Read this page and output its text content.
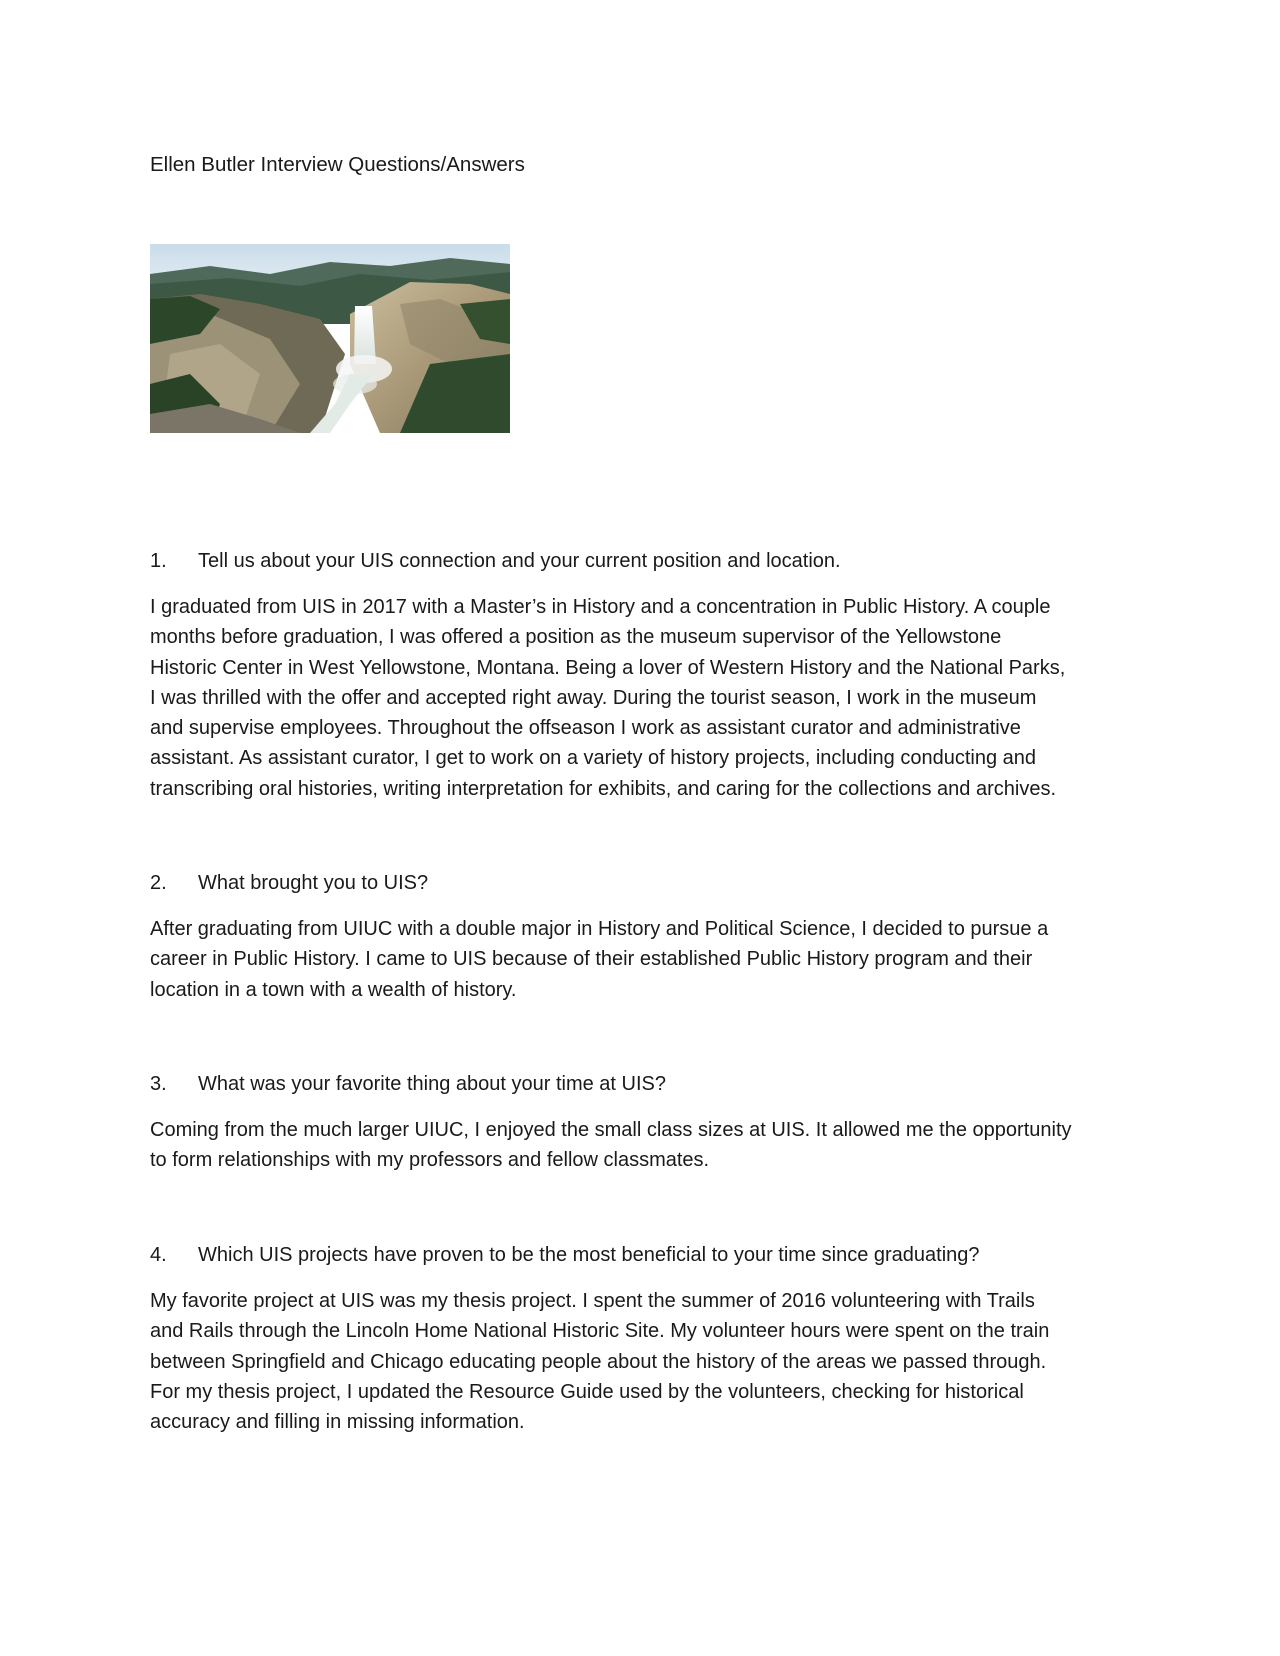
Ellen Butler Interview Questions/Answers

1. Tell us about your UIS connection and your current position and location.

I graduated from UIS in 2017 with a Master’s in History and a concentration in Public History. A couple
months before graduation, I was offered a position as the museum supervisor of the Yellowstone
Historic Center in West Yellowstone, Montana. Being a lover of Western History and the National Parks,
I was thrilled with the offer and accepted right away. During the tourist season, I work in the museum
and supervise employees. Throughout the offseason I work as assistant curator and administrative
assistant. As assistant curator, I get to work on a variety of history projects, including conducting and
transcribing oral histories, writing interpretation for exhibits, and caring for the collections and archives.

2. What brought you to UIS?

After graduating from UIUC with a double major in History and Political Science, I decided to pursue a
career in Public History. I came to UIS because of their established Public History program and their
location in a town with a wealth of history.

3. What was your favorite thing about your time at UIS?

Coming from the much larger UIUC, I enjoyed the small class sizes at UIS. It allowed me the opportunity
to form relationships with my professors and fellow classmates.

4. Which UIS projects have proven to be the most beneficial to your time since graduating?

My favorite project at UIS was my thesis project. I spent the summer of 2016 volunteering with Trails
and Rails through the Lincoln Home National Historic Site. My volunteer hours were spent on the train
between Springfield and Chicago educating people about the history of the areas we passed through.
For my thesis project, I updated the Resource Guide used by the volunteers, checking for historical
accuracy and filling in missing information.
